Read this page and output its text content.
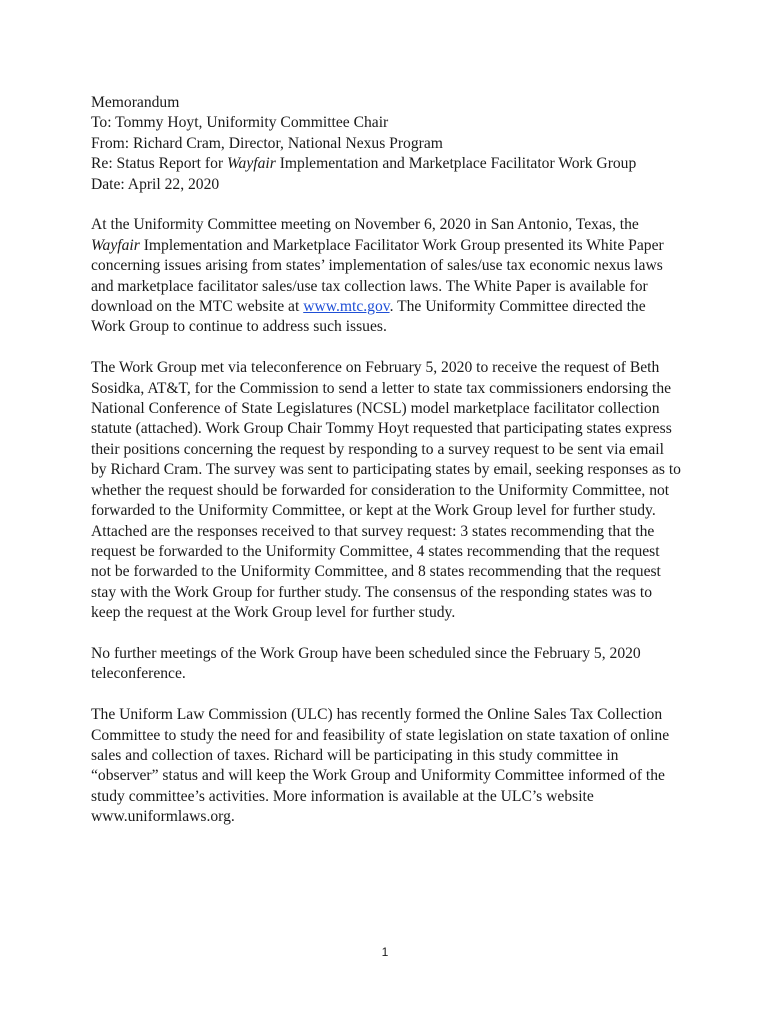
Memorandum

To: Tommy Hoyt, Uniformity Committee Chair

From: Richard Cram, Director, National Nexus Program

Re: Status Report for Wayfair Implementation and Marketplace Facilitator Work Group

Date: April 22, 2020

At the Uniformity Committee meeting on November 6, 2020 in San Antonio, Texas, the Wayfair Implementation and Marketplace Facilitator Work Group presented its White Paper concerning issues arising from states’ implementation of sales/use tax economic nexus laws and marketplace facilitator sales/use tax collection laws. The White Paper is available for download on the MTC website at www.mtc.gov. The Uniformity Committee directed the Work Group to continue to address such issues.

The Work Group met via teleconference on February 5, 2020 to receive the request of Beth Sosidka, AT&T, for the Commission to send a letter to state tax commissioners endorsing the National Conference of State Legislatures (NCSL) model marketplace facilitator collection statute (attached). Work Group Chair Tommy Hoyt requested that participating states express their positions concerning the request by responding to a survey request to be sent via email by Richard Cram. The survey was sent to participating states by email, seeking responses as to whether the request should be forwarded for consideration to the Uniformity Committee, not forwarded to the Uniformity Committee, or kept at the Work Group level for further study. Attached are the responses received to that survey request: 3 states recommending that the request be forwarded to the Uniformity Committee, 4 states recommending that the request not be forwarded to the Uniformity Committee, and 8 states recommending that the request stay with the Work Group for further study. The consensus of the responding states was to keep the request at the Work Group level for further study.

No further meetings of the Work Group have been scheduled since the February 5, 2020 teleconference.

The Uniform Law Commission (ULC) has recently formed the Online Sales Tax Collection Committee to study the need for and feasibility of state legislation on state taxation of online sales and collection of taxes. Richard will be participating in this study committee in “observer” status and will keep the Work Group and Uniformity Committee informed of the study committee’s activities. More information is available at the ULC’s website www.uniformlaws.org.

1
